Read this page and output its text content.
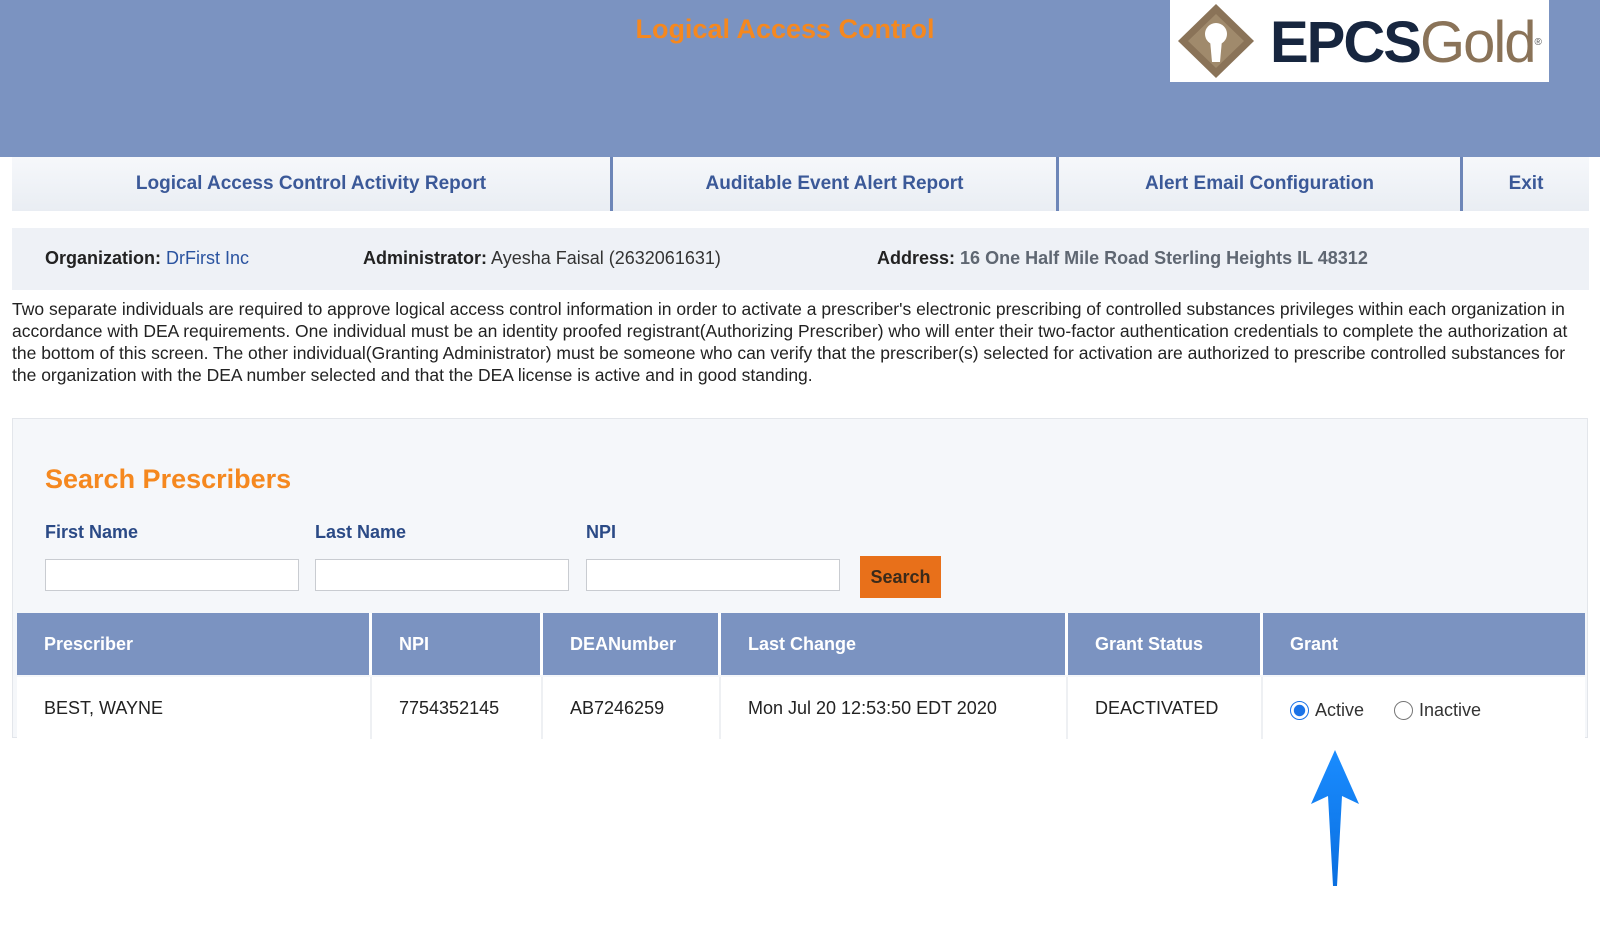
Logical Access Control	EPCSGold®
Logical Access Control Activity Report	Auditable Event Alert Report	Alert Email Configuration	Exit
Organization: DrFirst Inc	Administrator: Ayesha Faisal (2632061631)	Address: 16 One Half Mile Road Sterling Heights IL 48312
Two separate individuals are required to approve logical access control information in order to activate a prescriber's electronic prescribing of controlled substances privileges within each organization in accordance with DEA requirements. One individual must be an identity proofed registrant(Authorizing Prescriber) who will enter their two-factor authentication credentials to complete the authorization at the bottom of this screen. The other individual(Granting Administrator) must be someone who can verify that the prescriber(s) selected for activation are authorized to prescribe controlled substances for the organization with the DEA number selected and that the DEA license is active and in good standing.
Search Prescribers
First Name	Last Name	NPI
Search
Prescriber	NPI	DEANumber	Last Change	Grant Status	Grant
BEST, WAYNE	7754352145	AB7246259	Mon Jul 20 12:53:50 EDT 2020	DEACTIVATED	Active	Inactive
